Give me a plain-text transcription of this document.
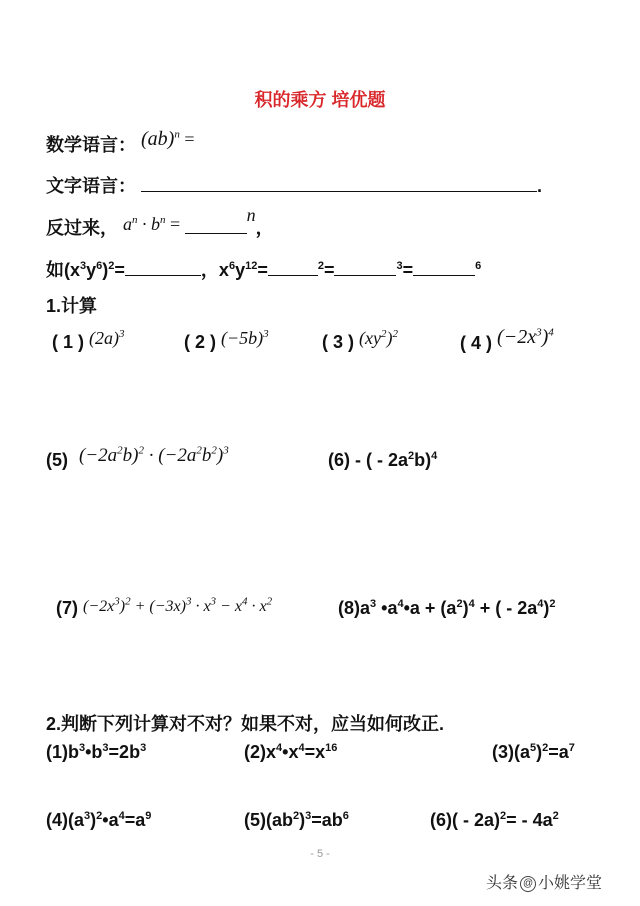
积的乘方 培优题
数学语言： (ab)$^n$ =
文字语言：	.
反过来， $a^n \cdot b^n$ =	$^n$，
如$(x^3y^6)^2=$	，$x^6y^{12}=$	$^2$=	$^3$=	$^6$
1.计算
( 1 ) $(2a)^3$	( 2 ) $(-5b)^3$	( 3 ) $(xy^2)^2$	( 4 ) $(-2x^3)^4$
(5) $(-2a^2b)^2 \cdot (-2a^2b^2)^3$	(6) - ( - $2a^2b)^4$
(7) $(-2x^3)^2 + (-3x)^3 \cdot x^3 - x^4 \cdot x^2$	$(8)a^3$ $•a^4•a + (a^2)^4$ + ( - $2a^4)^2$
2.判断下列计算对不对？如果不对，应当如何改正.
$(1)b^3•b^3=2b^3$	$(2)x^4•x^4=x^{16}$	$(3)(a^5)^2=a^7$
$(4)(a^3)^2•a^4=a^9$	$(5)(ab^2)^3=ab^6$	$(6)( - 2a)^2= - 4a^2$
- 5 -
头条 @ 小姚学堂
